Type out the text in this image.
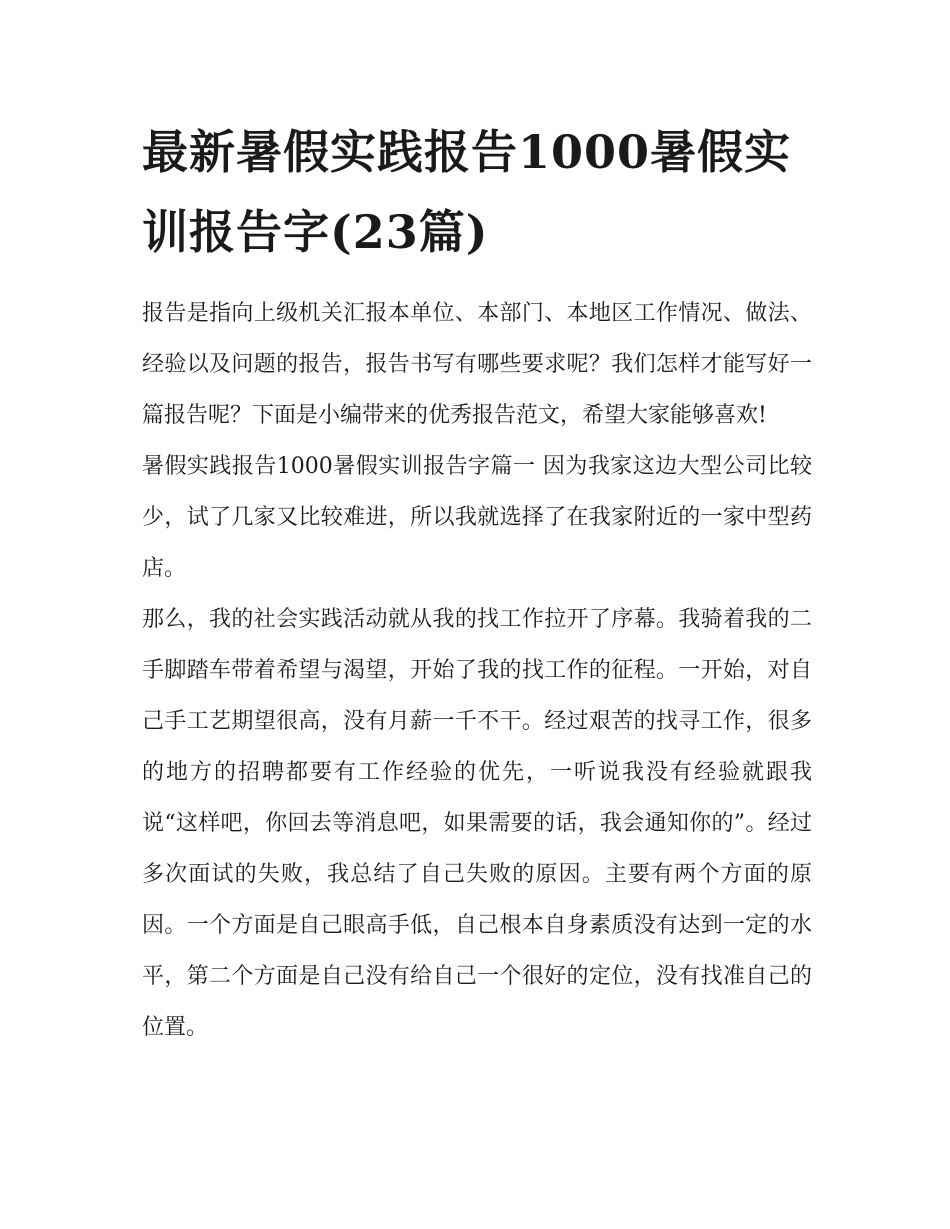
最新暑假实践报告1000暑假实训报告字(23篇)

报告是指向上级机关汇报本单位、本部门、本地区工作情况、做法、经验以及问题的报告，报告书写有哪些要求呢？我们怎样才能写好一篇报告呢？下面是小编带来的优秀报告范文，希望大家能够喜欢!

暑假实践报告1000暑假实训报告字篇一 因为我家这边大型公司比较少，试了几家又比较难进，所以我就选择了在我家附近的一家中型药店。

那么，我的社会实践活动就从我的找工作拉开了序幕。我骑着我的二手脚踏车带着希望与渴望，开始了我的找工作的征程。一开始，对自己手工艺期望很高，没有月薪一千不干。经过艰苦的找寻工作，很多的地方的招聘都要有工作经验的优先，一听说我没有经验就跟我说“这样吧，你回去等消息吧，如果需要的话，我会通知你的”。经过多次面试的失败，我总结了自己失败的原因。主要有两个方面的原因。一个方面是自己眼高手低，自己根本自身素质没有达到一定的水平，第二个方面是自己没有给自己一个很好的定位，没有找准自己的位置。
